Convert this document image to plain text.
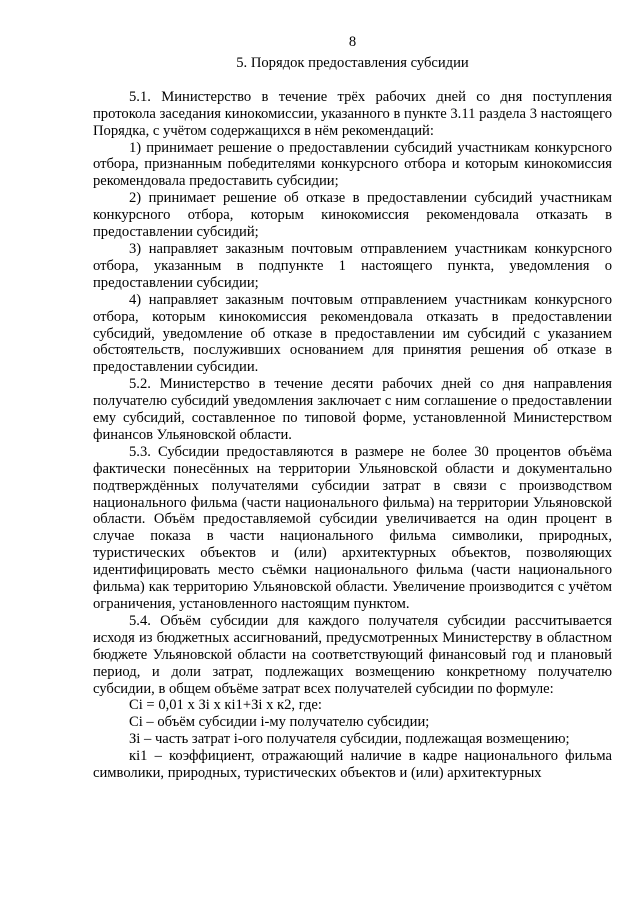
8
5. Порядок предоставления субсидии

5.1. Министерство в течение трёх рабочих дней со дня поступления протокола заседания кинокомиссии, указанного в пункте 3.11 раздела 3 настоящего Порядка, с учётом содержащихся в нём рекомендаций:

1) принимает решение о предоставлении субсидий участникам конкурсного отбора, признанным победителями конкурсного отбора и которым кинокомиссия рекомендовала предоставить субсидии;

2) принимает решение об отказе в предоставлении субсидий участникам конкурсного отбора, которым кинокомиссия рекомендовала отказать в предоставлении субсидий;

3) направляет заказным почтовым отправлением участникам конкурсного отбора, указанным в подпункте 1 настоящего пункта, уведомления о предоставлении субсидии;

4) направляет заказным почтовым отправлением участникам конкурсного отбора, которым кинокомиссия рекомендовала отказать в предоставлении субсидий, уведомление об отказе в предоставлении им субсидий с указанием обстоятельств, послуживших основанием для принятия решения об отказе в предоставлении субсидии.

5.2. Министерство в течение десяти рабочих дней со дня направления получателю субсидий уведомления заключает с ним соглашение о предоставлении ему субсидий, составленное по типовой форме, установленной Министерством финансов Ульяновской области.

5.3. Субсидии предоставляются в размере не более 30 процентов объёма фактически понесённых на территории Ульяновской области и документально подтверждённых получателями субсидии затрат в связи с производством национального фильма (части национального фильма) на территории Ульяновской области. Объём предоставляемой субсидии увеличивается на один процент в случае показа в части национального фильма символики, природных, туристических объектов и (или) архитектурных объектов, позволяющих идентифицировать место съёмки национального фильма (части национального фильма) как территорию Ульяновской области. Увеличение производится с учётом ограничения, установленного настоящим пунктом.

5.4. Объём субсидии для каждого получателя субсидии рассчитывается исходя из бюджетных ассигнований, предусмотренных Министерству в областном бюджете Ульяновской области на соответствующий финансовый год и плановый период, и доли затрат, подлежащих возмещению конкретному получателю субсидии, в общем объёме затрат всех получателей субсидии по формуле:

Сi = 0,01 х Зi х кi1+Зi х к2, где:

Сi – объём субсидии i-му получателю субсидии;

Зi – часть затрат i-ого получателя субсидии, подлежащая возмещению;

кi1 – коэффициент, отражающий наличие в кадре национального фильма символики, природных, туристических объектов и (или) архитектурных
